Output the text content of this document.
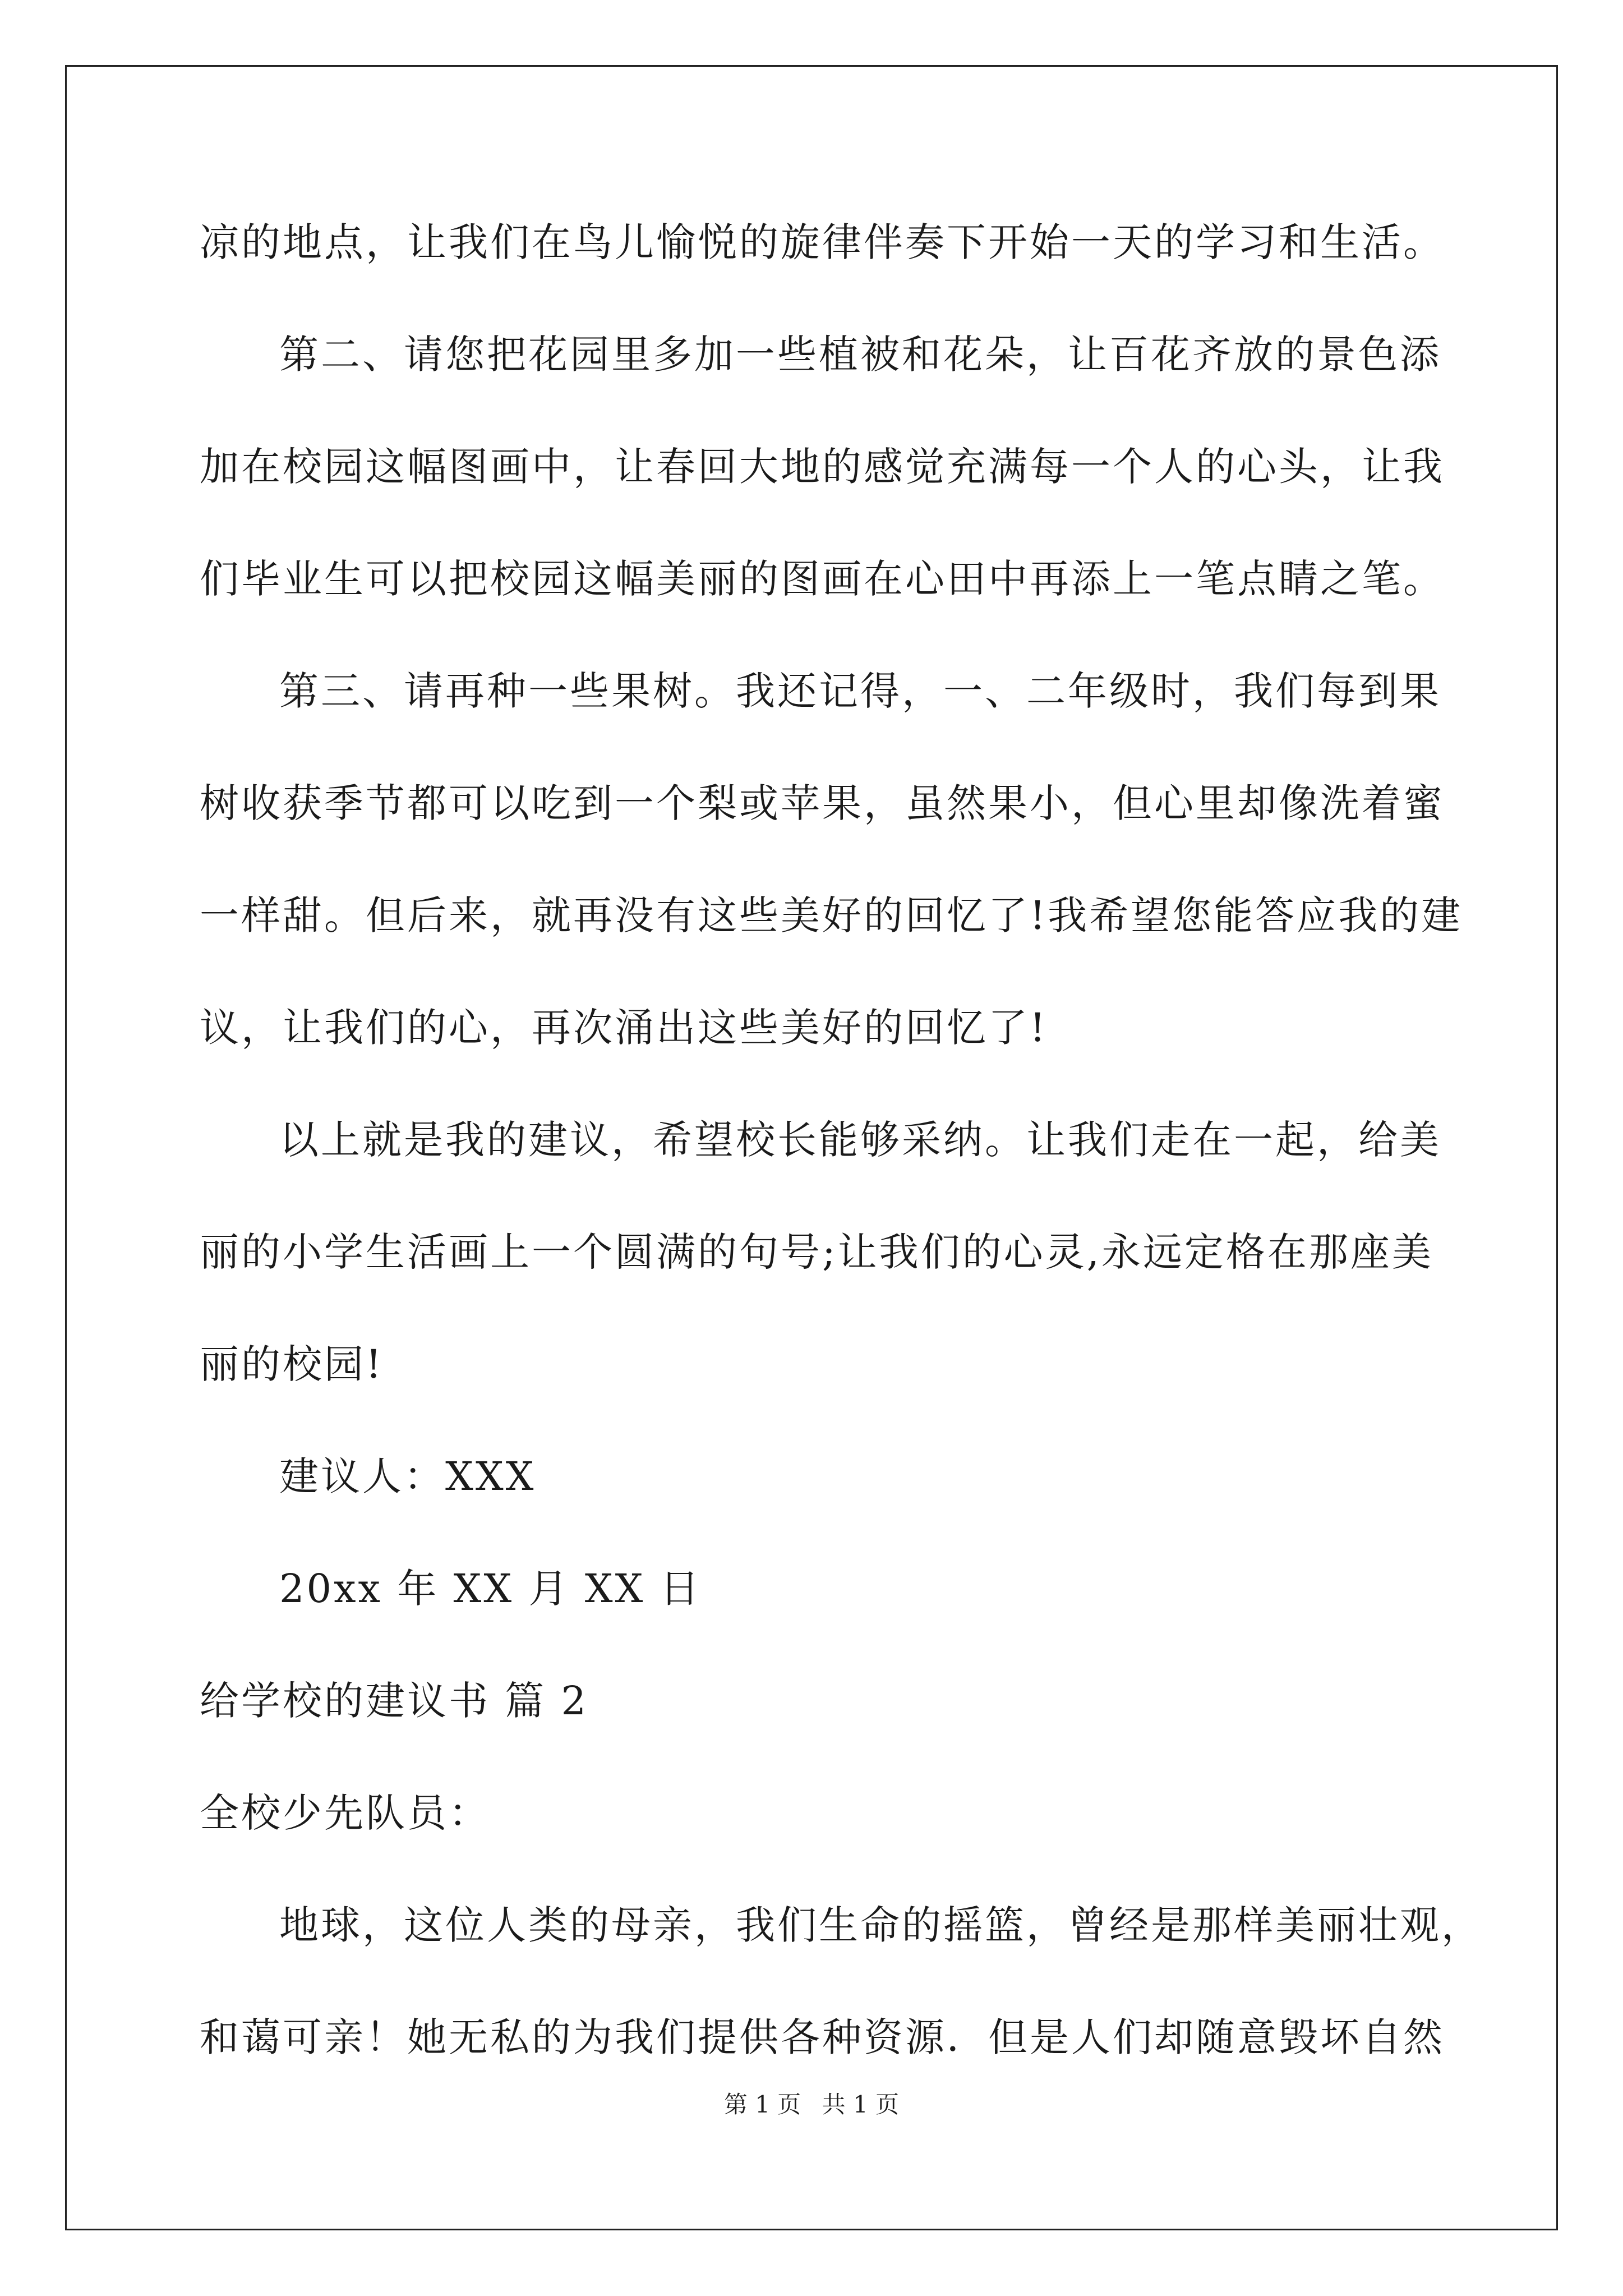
凉的地点，让我们在鸟儿愉悦的旋律伴奏下开始一天的学习和生活。
第二、请您把花园里多加一些植被和花朵，让百花齐放的景色添
加在校园这幅图画中，让春回大地的感觉充满每一个人的心头，让我
们毕业生可以把校园这幅美丽的图画在心田中再添上一笔点睛之笔。
第三、请再种一些果树。我还记得，一、二年级时，我们每到果
树收获季节都可以吃到一个梨或苹果，虽然果小，但心里却像洗着蜜
一样甜。但后来，就再没有这些美好的回忆了!我希望您能答应我的建
议，让我们的心，再次涌出这些美好的回忆了!
以上就是我的建议，希望校长能够采纳。让我们走在一起，给美
丽的小学生活画上一个圆满的句号;让我们的心灵,永远定格在那座美
丽的校园!
建议人：XXX
20xx 年 XX 月 XX 日
给学校的建议书 篇 2
全校少先队员：
地球，这位人类的母亲，我们生命的摇篮，曾经是那样美丽壮观，
和蔼可亲！她无私的为我们提供各种资源．但是人们却随意毁坏自然
第 1 页 共 1 页
